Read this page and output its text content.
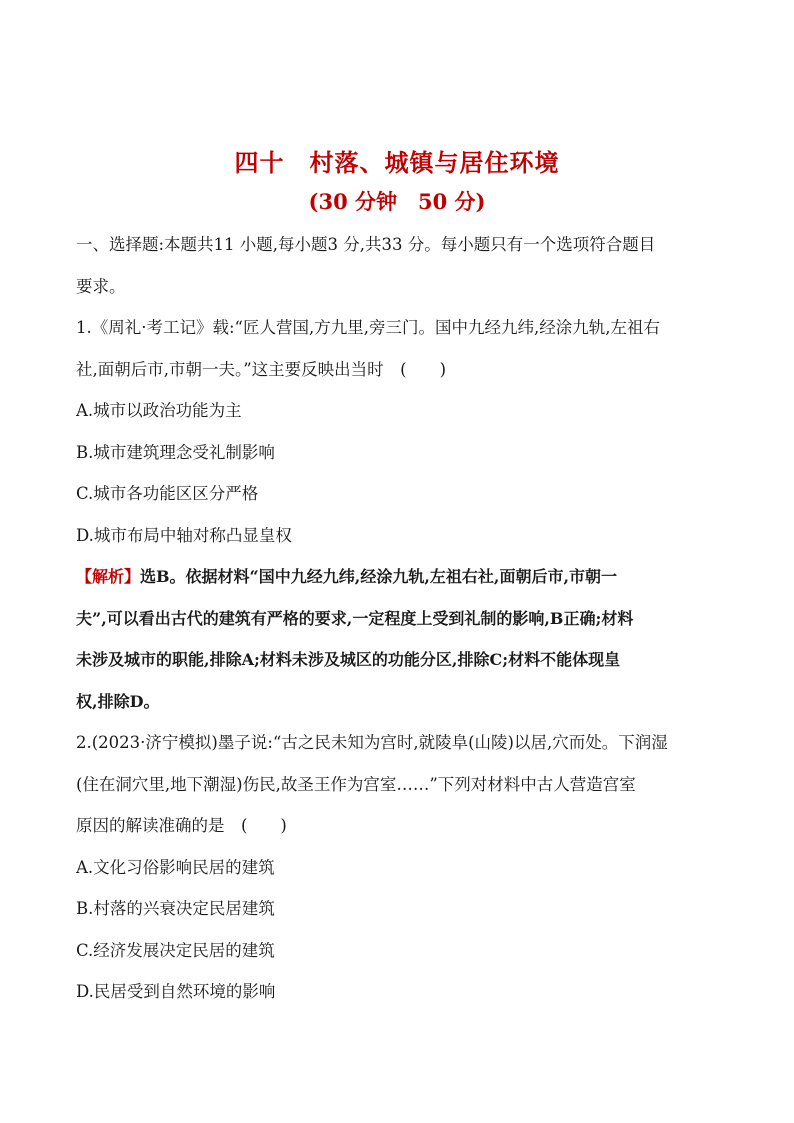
四十　村落、城镇与居住环境
(30 分钟　50 分)
一、选择题:本题共11 小题,每小题3 分,共33 分。每小题只有一个选项符合题目
要求。
1.《周礼·考工记》载:“匠人营国,方九里,旁三门。国中九经九纬,经涂九轨,左祖右
社,面朝后市,市朝一夫。”这主要反映出当时　(　　)
A.城市以政治功能为主
B.城市建筑理念受礼制影响
C.城市各功能区区分严格
D.城市布局中轴对称凸显皇权
【解析】选B。依据材料“国中九经九纬,经涂九轨,左祖右社,面朝后市,市朝一
夫”,可以看出古代的建筑有严格的要求,一定程度上受到礼制的影响,B正确;材料
未涉及城市的职能,排除A;材料未涉及城区的功能分区,排除C;材料不能体现皇
权,排除D。
2.(2023·济宁模拟)墨子说:“古之民未知为宫时,就陵阜(山陵)以居,穴而处。下润湿
(住在洞穴里,地下潮湿)伤民,故圣王作为宫室……”下列对材料中古人营造宫室
原因的解读准确的是　(　　)
A.文化习俗影响民居的建筑
B.村落的兴衰决定民居建筑
C.经济发展决定民居的建筑
D.民居受到自然环境的影响
